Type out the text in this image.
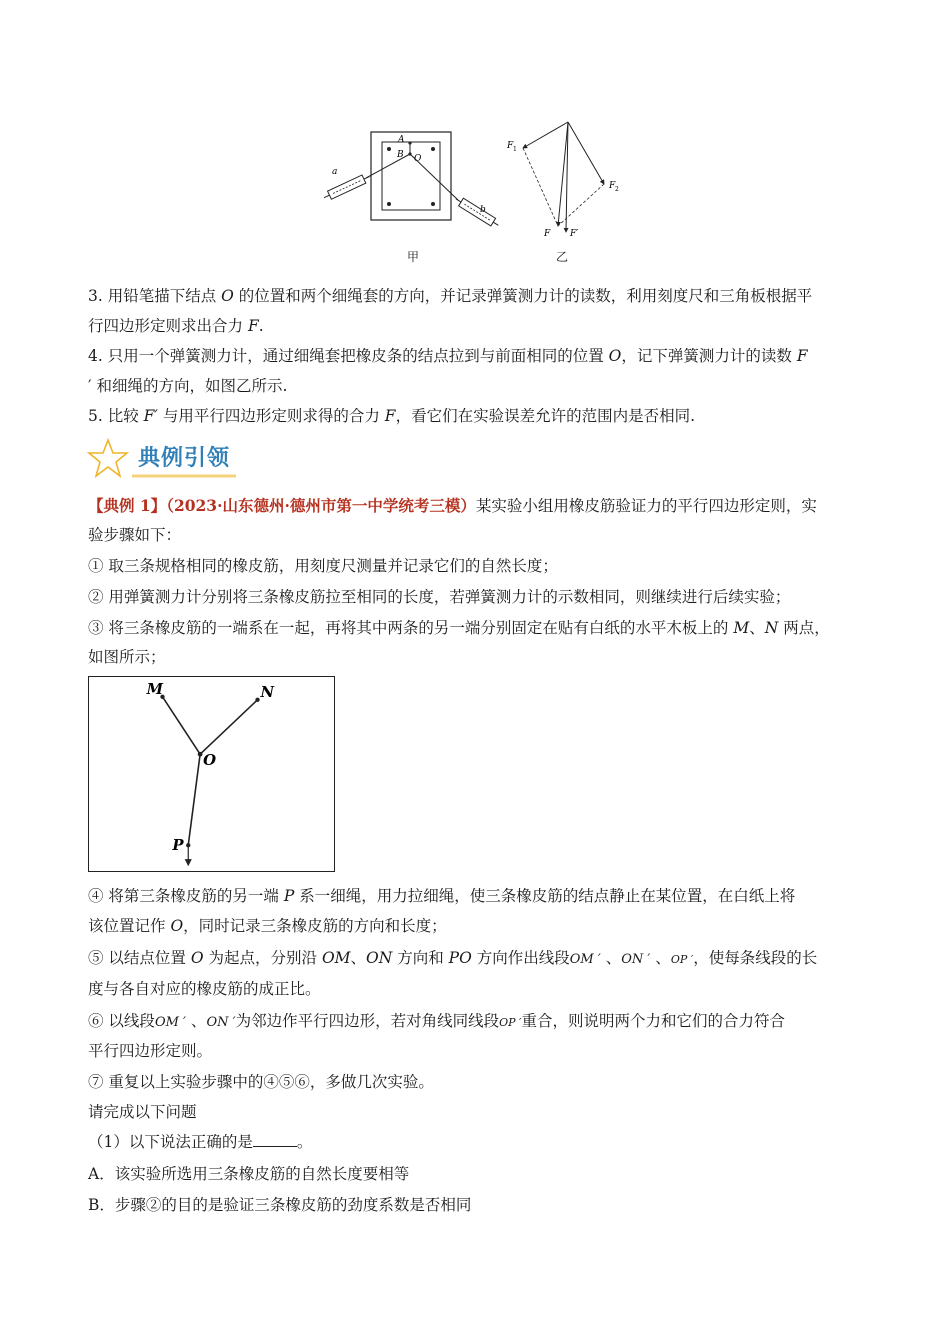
A
B O
a
b
F 1
F 2
F F′
甲	乙
3. 用铅笔描下结点 O 的位置和两个细绳套的方向，并记录弹簧测力计的读数，利用刻度尺和三角板根据平
行四边形定则求出合力 F.
4. 只用一个弹簧测力计，通过细绳套把橡皮条的结点拉到与前面相同的位置 O，记下弹簧测力计的读数 F
′ 和细绳的方向，如图乙所示.
5. 比较 F′ 与用平行四边形定则求得的合力 F，看它们在实验误差允许的范围内是否相同.
典例引领
【典例 1】（2023·山东德州·德州市第一中学统考三模）某实验小组用橡皮筋验证力的平行四边形定则，实
验步骤如下：
① 取三条规格相同的橡皮筋，用刻度尺测量并记录它们的自然长度；
② 用弹簧测力计分别将三条橡皮筋拉至相同的长度，若弹簧测力计的示数相同，则继续进行后续实验；
③ 将三条橡皮筋的一端系在一起，再将其中两条的另一端分别固定在贴有白纸的水平木板上的 M、N 两点，
如图所示；
M	N
O
P
④ 将第三条橡皮筋的另一端 P 系一细绳，用力拉细绳，使三条橡皮筋的结点静止在某位置，在白纸上将
该位置记作 O，同时记录三条橡皮筋的方向和长度；
⑤ 以结点位置 O 为起点，分别沿 OM、ON 方向和 PO 方向作出线段OM ′ 、ON ′ 、OP ′，使每条线段的长
度与各自对应的橡皮筋的成正比。
⑥ 以线段OM ′ 、ON ′为邻边作平行四边形，若对角线同线段OP ′重合，则说明两个力和它们的合力符合
平行四边形定则。
⑦ 重复以上实验步骤中的④⑤⑥，多做几次实验。
请完成以下问题
（1）以下说法正确的是	。
A．该实验所选用三条橡皮筋的自然长度要相等
B．步骤②的目的是验证三条橡皮筋的劲度系数是否相同
